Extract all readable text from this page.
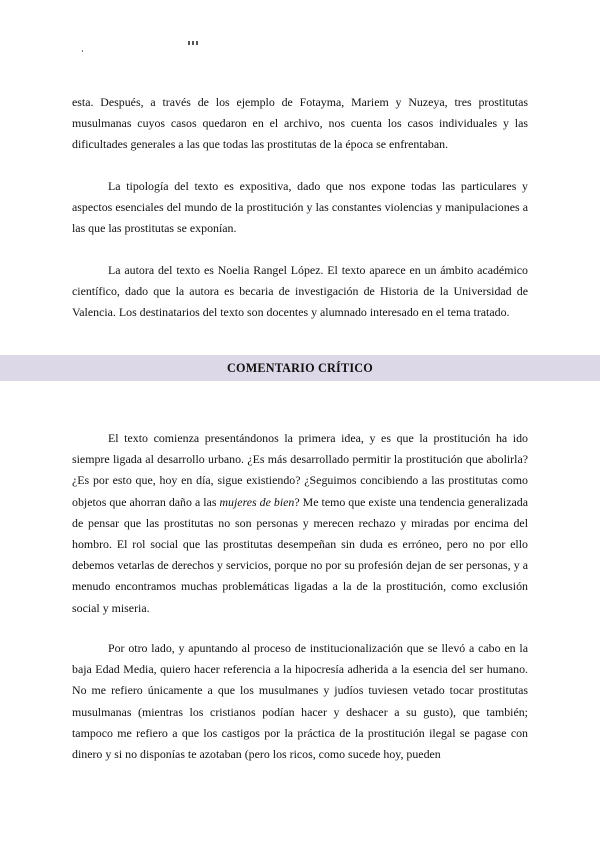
esta. Después, a través de los ejemplo de Fotayma, Mariem y Nuzeya, tres prostitutas musulmanas cuyos casos quedaron en el archivo, nos cuenta los casos individuales y las dificultades generales a las que todas las prostitutas de la época se enfrentaban.

La tipología del texto es expositiva, dado que nos expone todas las particulares y aspectos esenciales del mundo de la prostitución y las constantes violencias y manipulaciones a las que las prostitutas se exponían.

La autora del texto es Noelia Rangel López. El texto aparece en un ámbito académico científico, dado que la autora es becaria de investigación de Historia de la Universidad de Valencia. Los destinatarios del texto son docentes y alumnado interesado en el tema tratado.

COMENTARIO CRÍTICO

El texto comienza presentándonos la primera idea, y es que la prostitución ha ido siempre ligada al desarrollo urbano. ¿Es más desarrollado permitir la prostitución que abolirla? ¿Es por esto que, hoy en día, sigue existiendo? ¿Seguimos concibiendo a las prostitutas como objetos que ahorran daño a las mujeres de bien? Me temo que existe una tendencia generalizada de pensar que las prostitutas no son personas y merecen rechazo y miradas por encima del hombro. El rol social que las prostitutas desempeñan sin duda es erróneo, pero no por ello debemos vetarlas de derechos y servicios, porque no por su profesión dejan de ser personas, y a menudo encontramos muchas problemáticas ligadas a la de la prostitución, como exclusión social y miseria.

Por otro lado, y apuntando al proceso de institucionalización que se llevó a cabo en la baja Edad Media, quiero hacer referencia a la hipocresía adherida a la esencia del ser humano. No me refiero únicamente a que los musulmanes y judíos tuviesen vetado tocar prostitutas musulmanas (mientras los cristianos podían hacer y deshacer a su gusto), que también; tampoco me refiero a que los castigos por la práctica de la prostitución ilegal se pagase con dinero y si no disponías te azotaban (pero los ricos, como sucede hoy, pueden
